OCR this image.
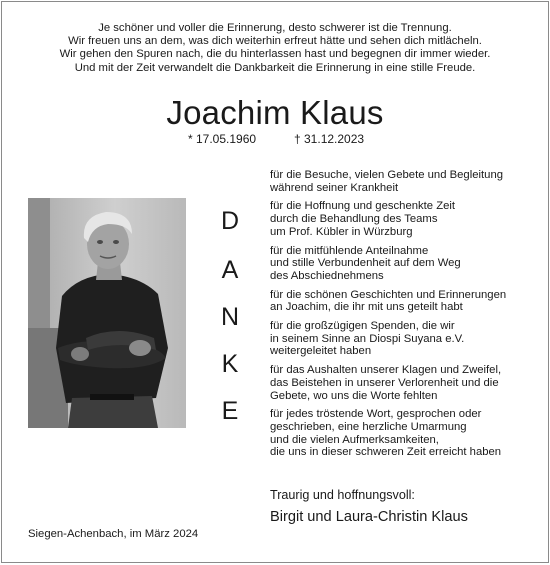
Je schöner und voller die Erinnerung, desto schwerer ist die Trennung.
Wir freuen uns an dem, was dich weiterhin erfreut hätte und sehen dich mitlächeln.
Wir gehen den Spuren nach, die du hinterlassen hast und begegnen dir immer wieder.
Und mit der Zeit verwandelt die Dankbarkeit die Erinnerung in eine stille Freude.
Joachim Klaus
* 17.05.1960	† 31.12.2023
D
A
N
K
E
für die Besuche, vielen Gebete und Begleitung
während seiner Krankheit
für die Hoffnung und geschenkte Zeit
durch die Behandlung des Teams
um Prof. Kübler in Würzburg
für die mitfühlende Anteilnahme
und stille Verbundenheit auf dem Weg
des Abschiednehmens
für die schönen Geschichten und Erinnerungen
an Joachim, die ihr mit uns geteilt habt
für die großzügigen Spenden, die wir
in seinem Sinne an Diospi Suyana e.V.
weitergeleitet haben
für das Aushalten unserer Klagen und Zweifel,
das Beistehen in unserer Verlorenheit und die
Gebete, wo uns die Worte fehlten
für jedes tröstende Wort, gesprochen oder
geschrieben, eine herzliche Umarmung
und die vielen Aufmerksamkeiten,
die uns in dieser schweren Zeit erreicht haben
Traurig und hoffnungsvoll:
Birgit und Laura-Christin Klaus
Siegen-Achenbach, im März 2024
